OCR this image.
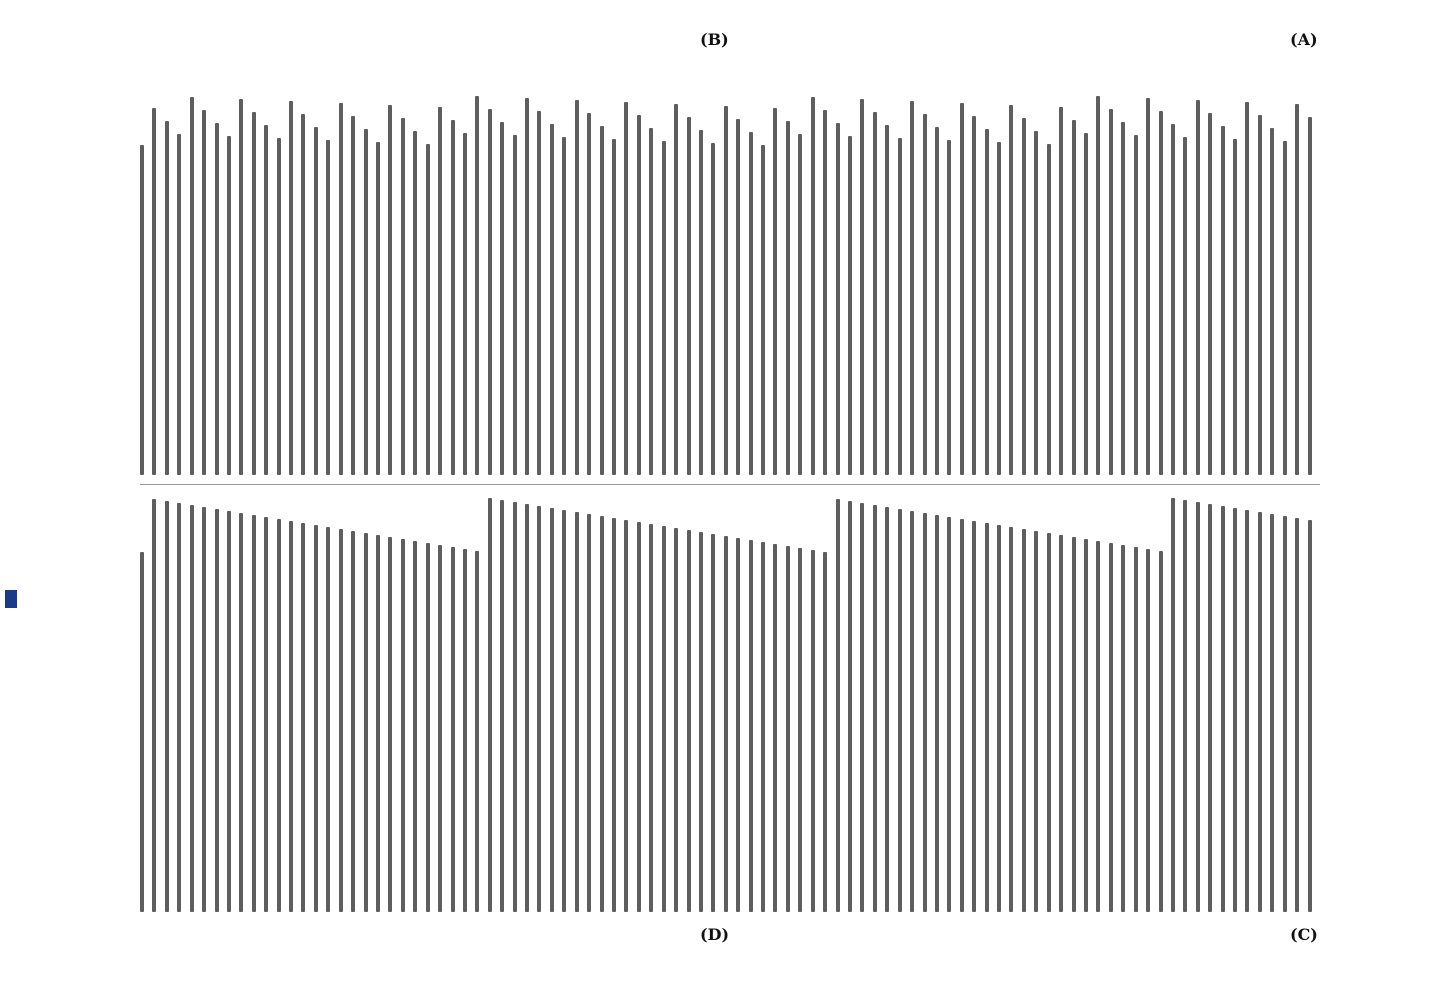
(A)
(C)
(B)
(D)
